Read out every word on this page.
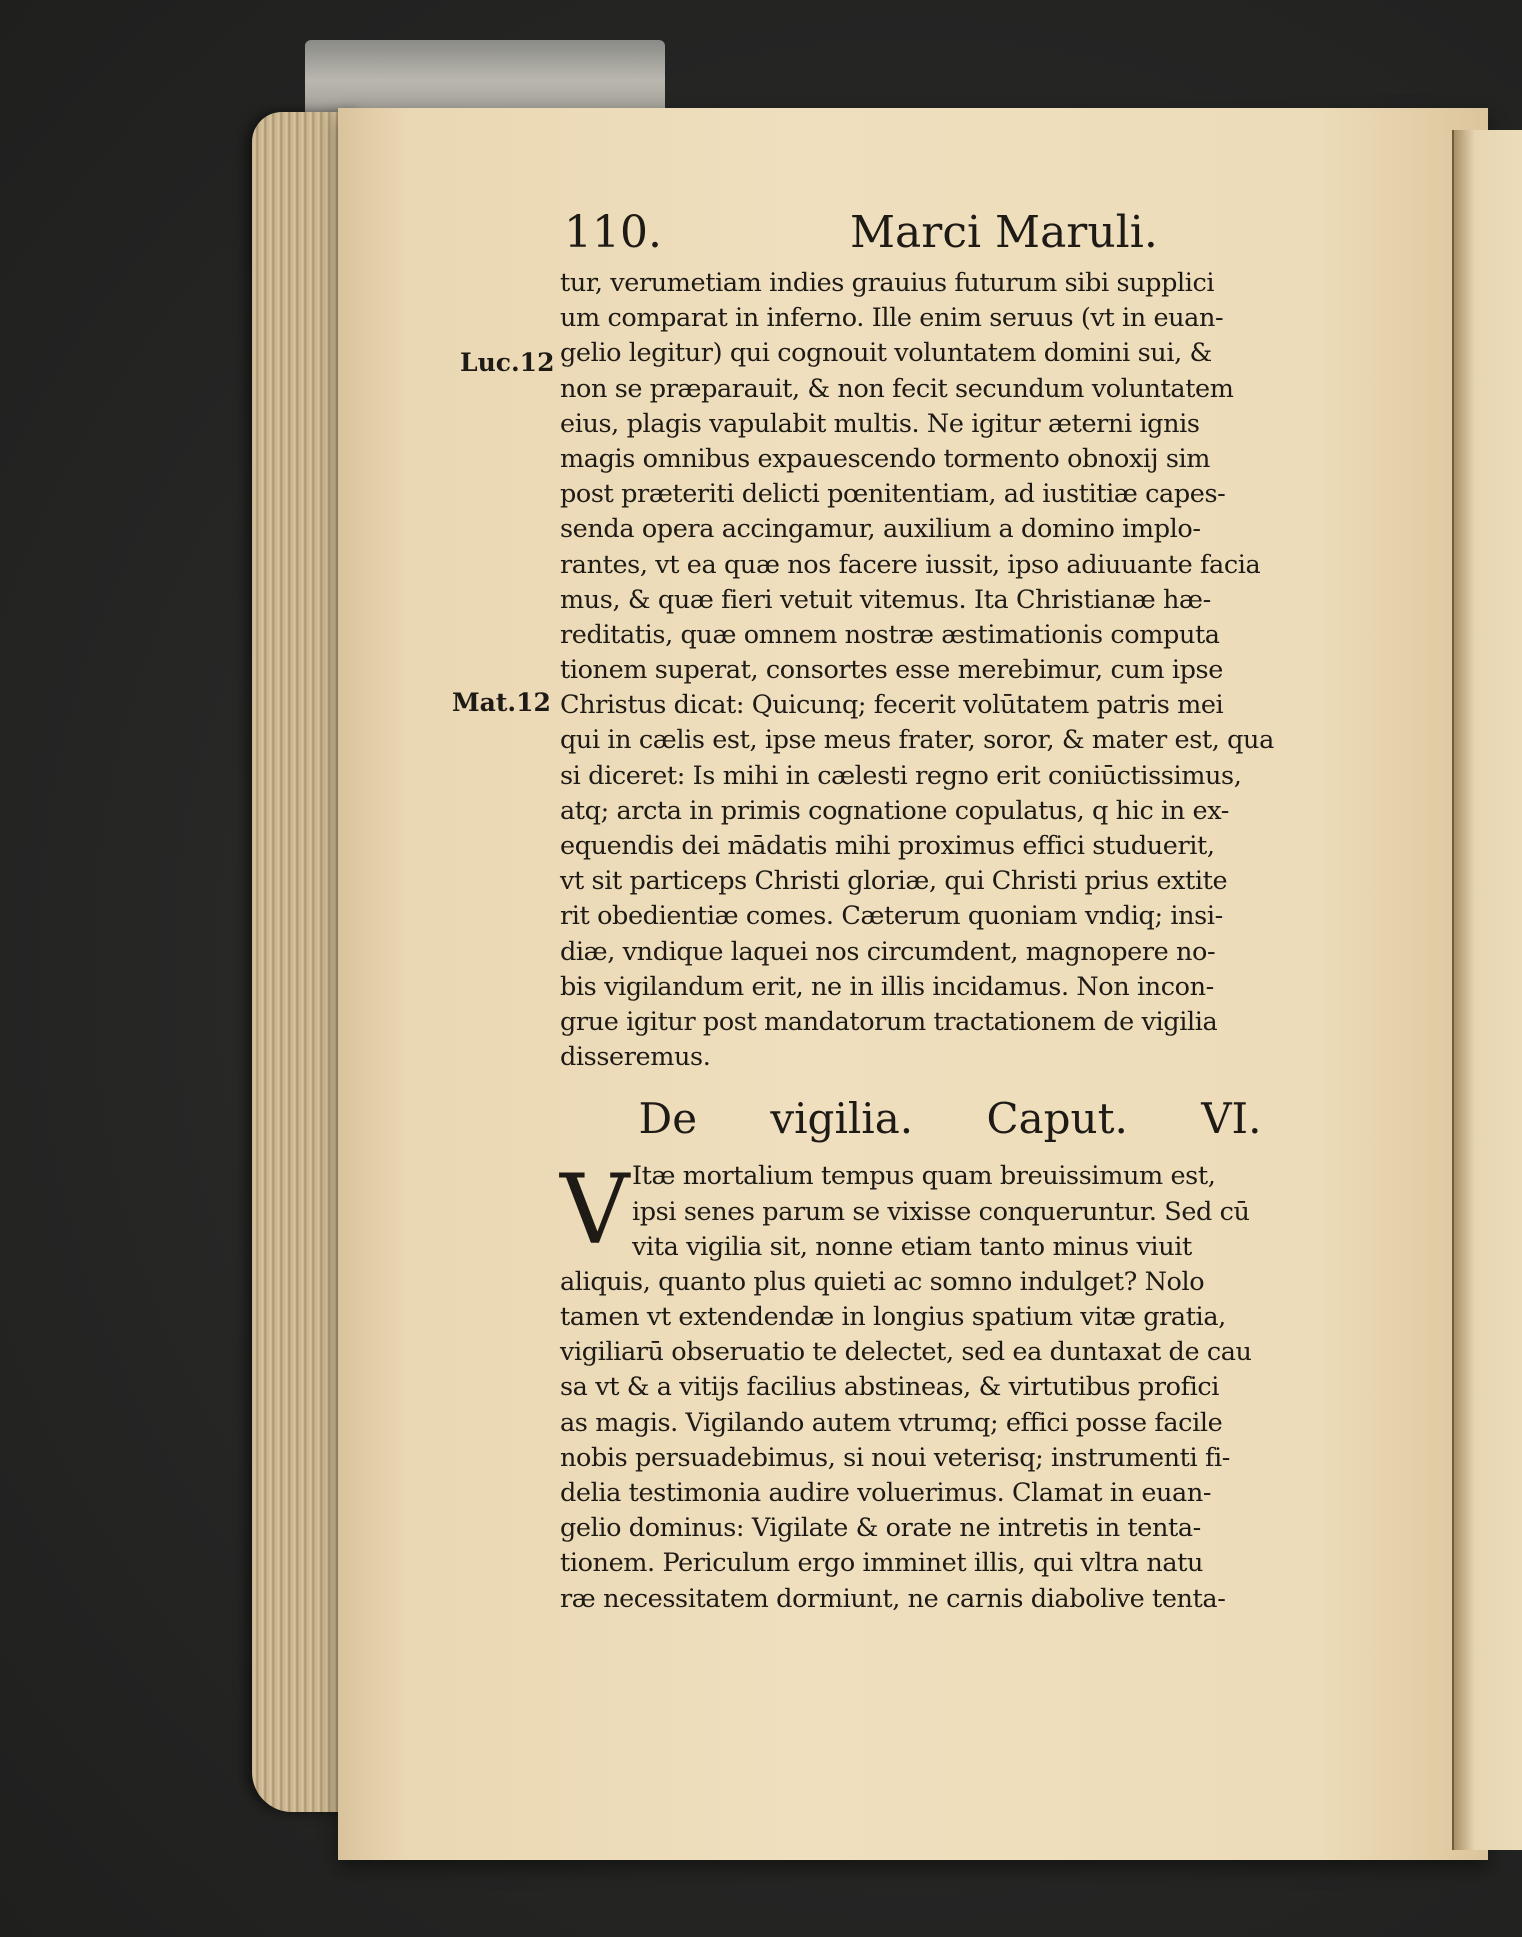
Luc.12
Mat.12
110.	Marci Maruli.
tur, verumetiam indies grauius futurum sibi supplici
um comparat in inferno. Ille enim seruus (vt in euan-
gelio legitur) qui cognouit voluntatem domini sui, &
non se præparauit, & non fecit secundum voluntatem
eius, plagis vapulabit multis. Ne igitur æterni ignis
magis omnibus expauescendo tormento obnoxij sim
post præteriti delicti pœnitentiam, ad iustitiæ capes-
senda opera accingamur, auxilium a domino implo-
rantes, vt ea quæ nos facere iussit, ipso adiuuante facia
mus, & quæ fieri vetuit vitemus. Ita Christianæ hæ-
reditatis, quæ omnem nostræ æstimationis computa
tionem superat, consortes esse merebimur, cum ipse
Christus dicat: Quicunq; fecerit volūtatem patris mei
qui in cælis est, ipse meus frater, soror, & mater est, qua
si diceret: Is mihi in cælesti regno erit coniūctissimus,
atq; arcta in primis cognatione copulatus, q hic in ex-
equendis dei mādatis mihi proximus effici studuerit,
vt sit particeps Christi gloriæ, qui Christi prius extite
rit obedientiæ comes. Cæterum quoniam vndiq; insi-
diæ, vndique laquei nos circumdent, magnopere no-
bis vigilandum erit, ne in illis incidamus. Non incon-
grue igitur post mandatorum tractationem de vigilia
disseremus.
De vigilia. Caput. VI.
V Itæ mortalium tempus quam breuissimum est,
ipsi senes parum se vixisse conqueruntur. Sed cū
vita vigilia sit, nonne etiam tanto minus viuit
aliquis, quanto plus quieti ac somno indulget? Nolo
tamen vt extendendæ in longius spatium vitæ gratia,
vigiliarū obseruatio te delectet, sed ea duntaxat de cau
sa vt & a vitijs facilius abstineas, & virtutibus profici
as magis. Vigilando autem vtrumq; effici posse facile
nobis persuadebimus, si noui veterisq; instrumenti fi-
delia testimonia audire voluerimus. Clamat in euan-
gelio dominus: Vigilate & orate ne intretis in tenta-
tionem. Periculum ergo imminet illis, qui vltra natu
ræ necessitatem dormiunt, ne carnis diabolive tenta-
